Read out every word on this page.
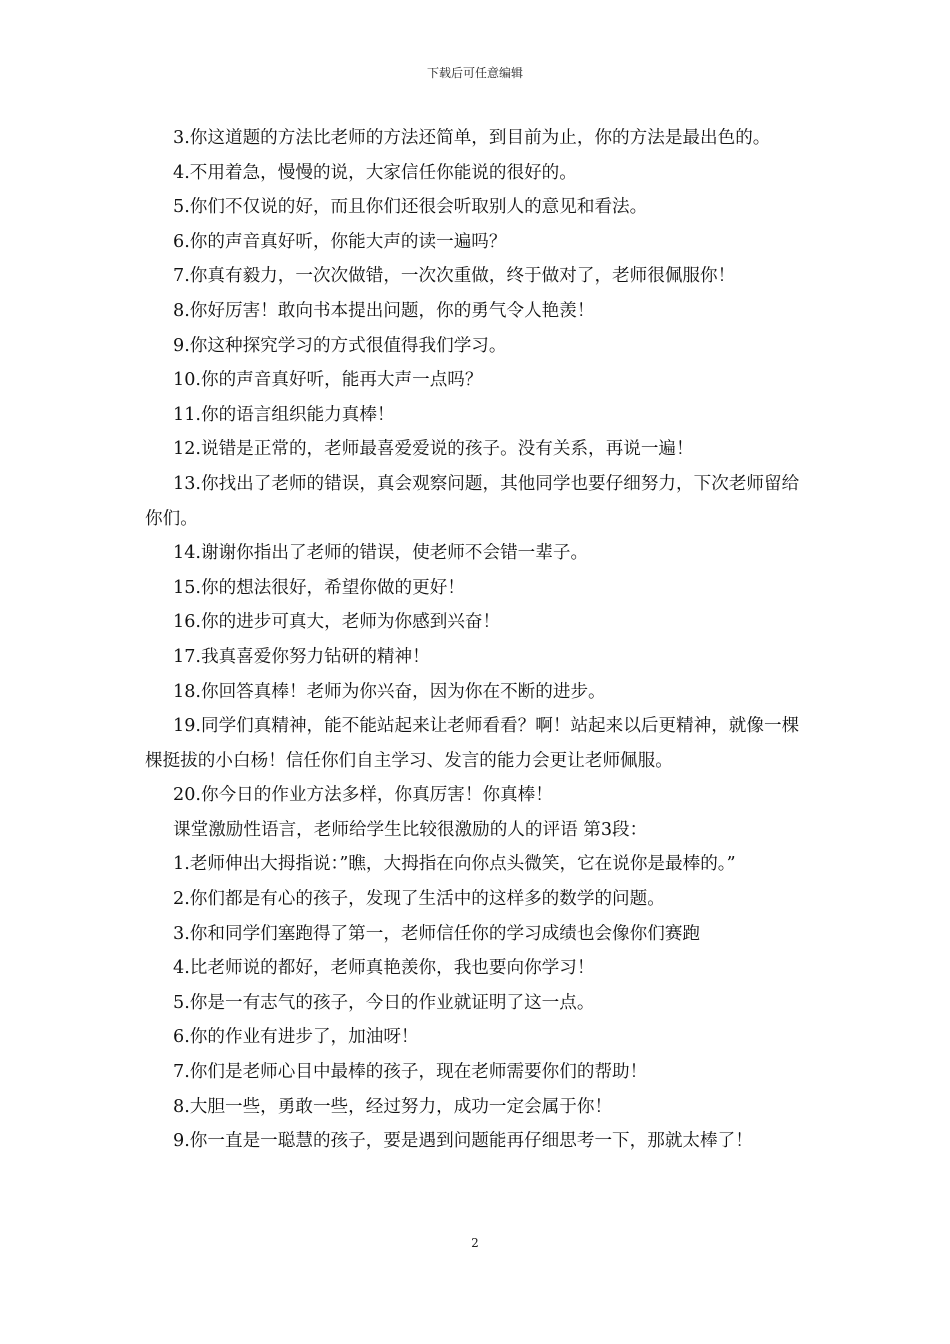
下载后可任意编辑

3.你这道题的方法比老师的方法还简单，到目前为止，你的方法是最出色的。

4.不用着急，慢慢的说，大家信任你能说的很好的。

5.你们不仅说的好，而且你们还很会听取别人的意见和看法。

6.你的声音真好听，你能大声的读一遍吗？

7.你真有毅力，一次次做错，一次次重做，终于做对了，老师很佩服你！

8.你好厉害！敢向书本提出问题，你的勇气令人艳羡！

9.你这种探究学习的方式很值得我们学习。

10.你的声音真好听，能再大声一点吗？

11.你的语言组织能力真棒！

12.说错是正常的，老师最喜爱爱说的孩子。没有关系，再说一遍！

13.你找出了老师的错误，真会观察问题，其他同学也要仔细努力，下次老师留给你们。

14.谢谢你指出了老师的错误，使老师不会错一辈子。

15.你的想法很好，希望你做的更好！

16.你的进步可真大，老师为你感到兴奋！

17.我真喜爱你努力钻研的精神！

18.你回答真棒！老师为你兴奋，因为你在不断的进步。

19.同学们真精神，能不能站起来让老师看看？啊！站起来以后更精神，就像一棵棵挺拔的小白杨！信任你们自主学习、发言的能力会更让老师佩服。

20.你今日的作业方法多样，你真厉害！你真棒！

课堂激励性语言，老师给学生比较很激励的人的评语 第3段：

1.老师伸出大拇指说：”瞧，大拇指在向你点头微笑，它在说你是最棒的。”

2.你们都是有心的孩子，发现了生活中的这样多的数学的问题。

3.你和同学们塞跑得了第一，老师信任你的学习成绩也会像你们赛跑

4.比老师说的都好，老师真艳羡你，我也要向你学习！

5.你是一有志气的孩子，今日的作业就证明了这一点。

6.你的作业有进步了，加油呀！

7.你们是老师心目中最棒的孩子，现在老师需要你们的帮助！

8.大胆一些，勇敢一些，经过努力，成功一定会属于你！

9.你一直是一聪慧的孩子，要是遇到问题能再仔细思考一下，那就太棒了！

2
